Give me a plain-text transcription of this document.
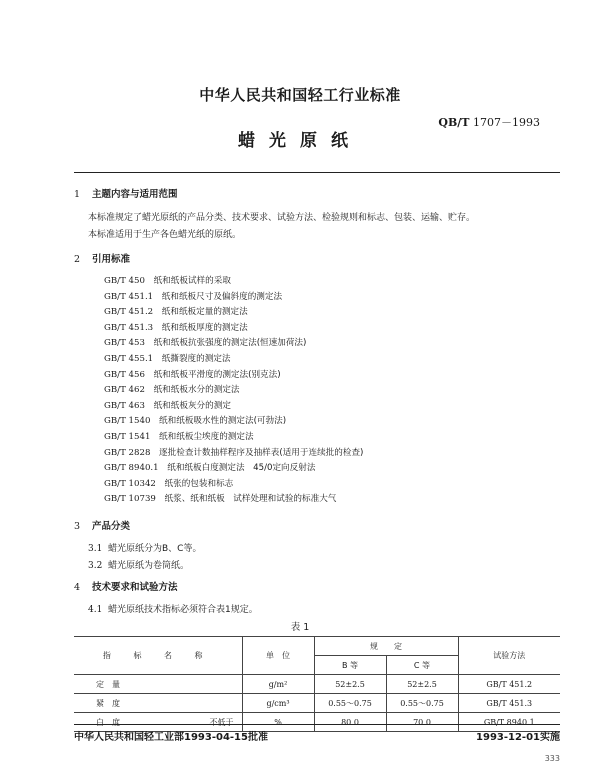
中华人民共和国轻工行业标准
QB/T 1707－1993
蜡光原纸
1 主题内容与适用范围
本标准规定了蜡光原纸的产品分类、技术要求、试验方法、检验规则和标志、包装、运输、贮存。
本标准适用于生产各色蜡光纸的原纸。
2 引用标准
GB/T 450　 纸和纸板试样的采取
GB/T 451.1　 纸和纸板尺寸及偏斜度的测定法
GB/T 451.2　 纸和纸板定量的测定法
GB/T 451.3　 纸和纸板厚度的测定法
GB/T 453　 纸和纸板抗张强度的测定法(恒速加荷法)
GB/T 455.1　 纸撕裂度的测定法
GB/T 456　 纸和纸板平滑度的测定法(别克法)
GB/T 462　 纸和纸板水分的测定法
GB/T 463　 纸和纸板灰分的测定
GB/T 1540　 纸和纸板吸水性的测定法(可勃法)
GB/T 1541　 纸和纸板尘埃度的测定法
GB/T 2828　 逐批检查计数抽样程序及抽样表(适用于连续批的检查)
GB/T 8940.1　 纸和纸板白度测定法　45/0定向反射法
GB/T 10342　 纸张的包装和标志
GB/T 10739　 纸浆、纸和纸板　试样处理和试验的标准大气
3 产品分类
3.1 蜡光原纸分为B、C等。
3.2 蜡光原纸为卷筒纸。
4 技术要求和试验方法
4.1 蜡光原纸技术指标必须符合表1规定。
表 1
指 标 名 称	单　位	规　　定		试验方法
		B 等	C 等	
定　量	g/m²	52±2.5	52±2.5	GB/T 451.2
紧　度	g/cm³	0.55～0.75	0.55～0.75	GB/T 451.3
白　度 不低于	%	80.0	70.0	GB/T 8940.1
中华人民共和国轻工业部1993-04-15批准	1993-12-01实施
333
